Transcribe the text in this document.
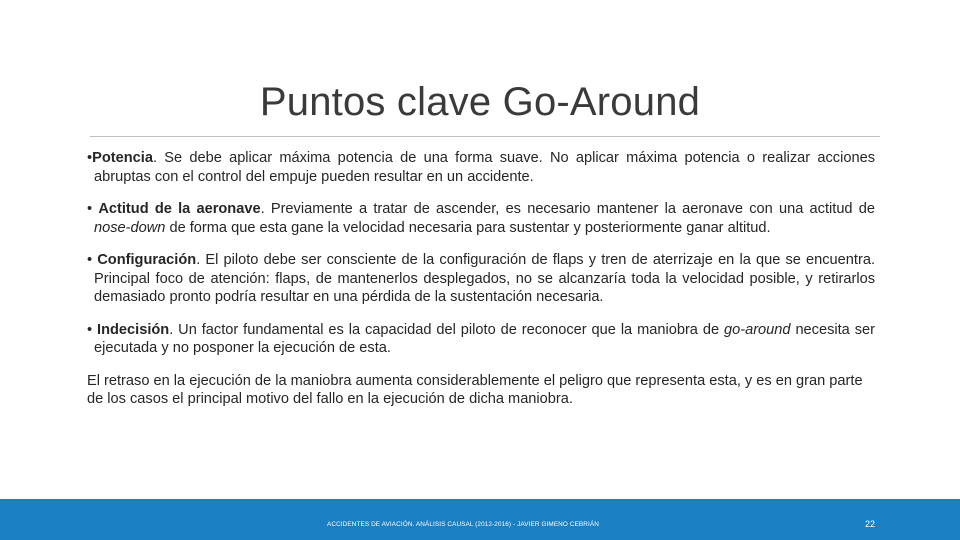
Puntos clave Go-Around

•Potencia. Se debe aplicar máxima potencia de una forma suave. No aplicar máxima potencia o realizar acciones abruptas con el control del empuje pueden resultar en un accidente.

• Actitud de la aeronave. Previamente a tratar de ascender, es necesario mantener la aeronave con una actitud de nose-down de forma que esta gane la velocidad necesaria para sustentar y posteriormente ganar altitud.

• Configuración. El piloto debe ser consciente de la configuración de flaps y tren de aterrizaje en la que se encuentra. Principal foco de atención: flaps, de mantenerlos desplegados, no se alcanzaría toda la velocidad posible, y retirarlos demasiado pronto podría resultar en una pérdida de la sustentación necesaria.

• Indecisión. Un factor fundamental es la capacidad del piloto de reconocer que la maniobra de go-around necesita ser ejecutada y no posponer la ejecución de esta.

El retraso en la ejecución de la maniobra aumenta considerablemente el peligro que representa esta, y es en gran parte de los casos el principal motivo del fallo en la ejecución de dicha maniobra.

ACCIDENTES DE AVIACIÓN. ANÁLISIS CAUSAL (2012-2016) - JAVIER GIMENO CEBRIÁN	22
